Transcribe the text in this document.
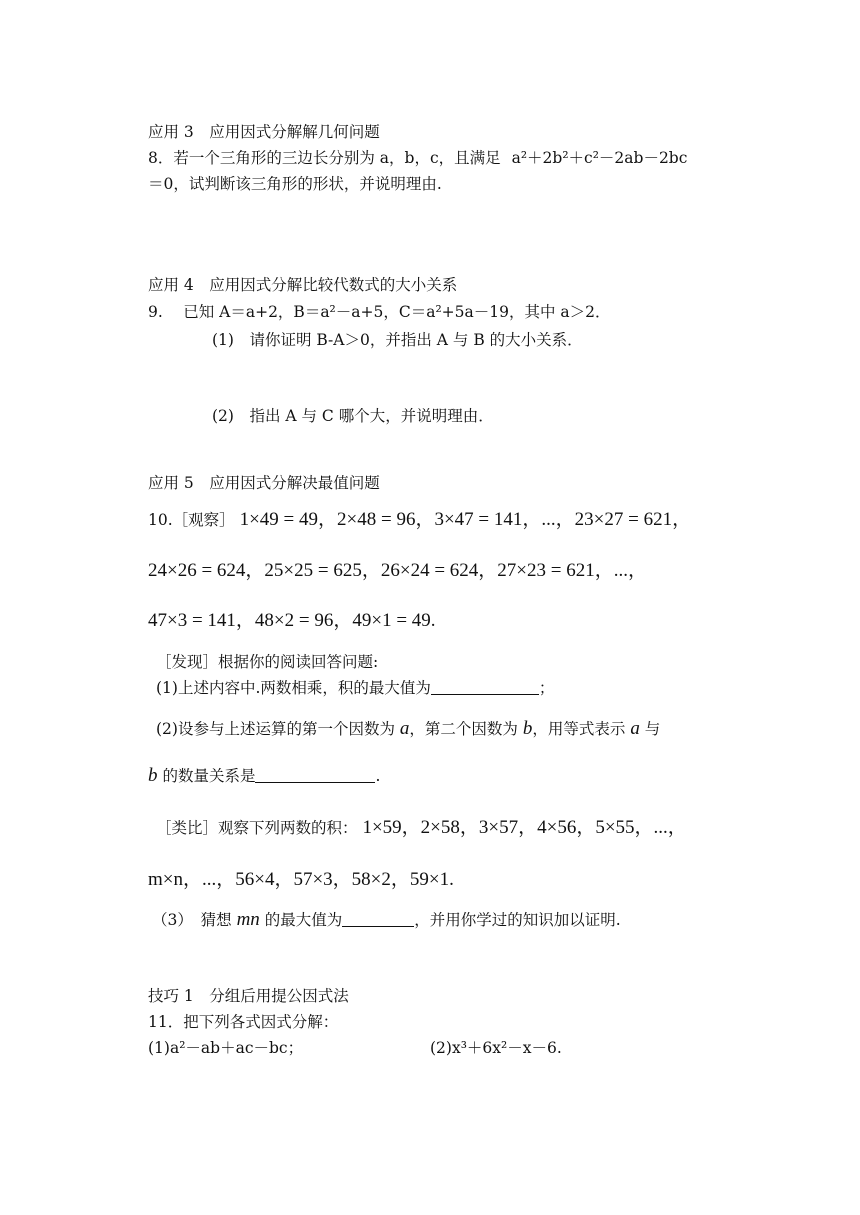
应用 3　应用因式分解解几何问题
8．若一个三角形的三边长分别为 a，b，c，且满足 a²＋2b²＋c²－2ab－2bc
＝0，试判断该三角形的形状，并说明理由.
应用 4　应用因式分解比较代数式的大小关系
9.　 已知 A＝a+2，B＝a²－a+5，C＝a²+5a－19，其中 a＞2．
(1)　请你证明 B-A＞0，并指出 A 与 B 的大小关系．
(2)　指出 A 与 C 哪个大，并说明理由．
应用 5　应用因式分解决最值问题
10.［观察］ 1×49 = 49，2×48 = 96，3×47 = 141，...，23×27 = 621，
24×26 = 624，25×25 = 625，26×24 = 624，27×23 = 621，...，
47×3 = 141，48×2 = 96，49×1 = 49.
［发现］根据你的阅读回答问题:
(1)上述内容中.两数相乘，积的最大值为	；
(2)设参与上述运算的第一个因数为 a，第二个因数为 b，用等式表示 a 与
b 的数量关系是	.
［类比］观察下列两数的积： 1×59，2×58，3×57，4×56，5×55，...，
m×n，...，56×4，57×3，58×2，59×1.
（3）　猜想 mn 的最大值为	，并用你学过的知识加以证明.
技巧 1　分组后用提公因式法
11．把下列各式因式分解：
(1)a²－ab＋ac－bc；	(2)x³＋6x²－x－6.
